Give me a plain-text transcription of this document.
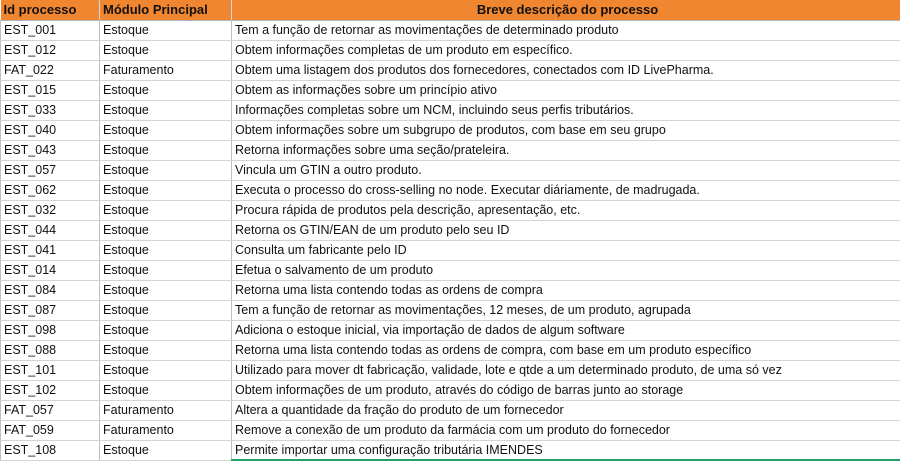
Id processo	Módulo Principal	Breve descrição do processo
EST_001	Estoque	Tem a função de retornar as movimentações de determinado produto
EST_012	Estoque	Obtem informações completas de um produto em específico.
FAT_022	Faturamento	Obtem uma listagem dos produtos dos fornecedores, conectados com ID LivePharma.
EST_015	Estoque	Obtem as informações sobre um princípio ativo
EST_033	Estoque	Informações completas sobre um NCM, incluindo seus perfis tributários.
EST_040	Estoque	Obtem informações sobre um subgrupo de produtos, com base em seu grupo
EST_043	Estoque	Retorna informações sobre uma seção/prateleira.
EST_057	Estoque	Vincula um GTIN a outro produto.
EST_062	Estoque	Executa o processo do cross-selling no node. Executar diáriamente, de madrugada.
EST_032	Estoque	Procura rápida de produtos pela descrição, apresentação, etc.
EST_044	Estoque	Retorna os GTIN/EAN de um produto pelo seu ID
EST_041	Estoque	Consulta um fabricante pelo ID
EST_014	Estoque	Efetua o salvamento de um produto
EST_084	Estoque	Retorna uma lista contendo todas as ordens de compra
EST_087	Estoque	Tem a função de retornar as movimentações, 12 meses, de um produto, agrupada
EST_098	Estoque	Adiciona o estoque inicial, via importação de dados de algum software
EST_088	Estoque	Retorna uma lista contendo todas as ordens de compra, com base em um produto específico
EST_101	Estoque	Utilizado para mover dt fabricação, validade, lote e qtde a um determinado produto, de uma só vez
EST_102	Estoque	Obtem informações de um produto, através do código de barras junto ao storage
FAT_057	Faturamento	Altera a quantidade da fração do produto de um fornecedor
FAT_059	Faturamento	Remove a conexão de um produto da farmácia com um produto do fornecedor
EST_108	Estoque	Permite importar uma configuração tributária IMENDES
